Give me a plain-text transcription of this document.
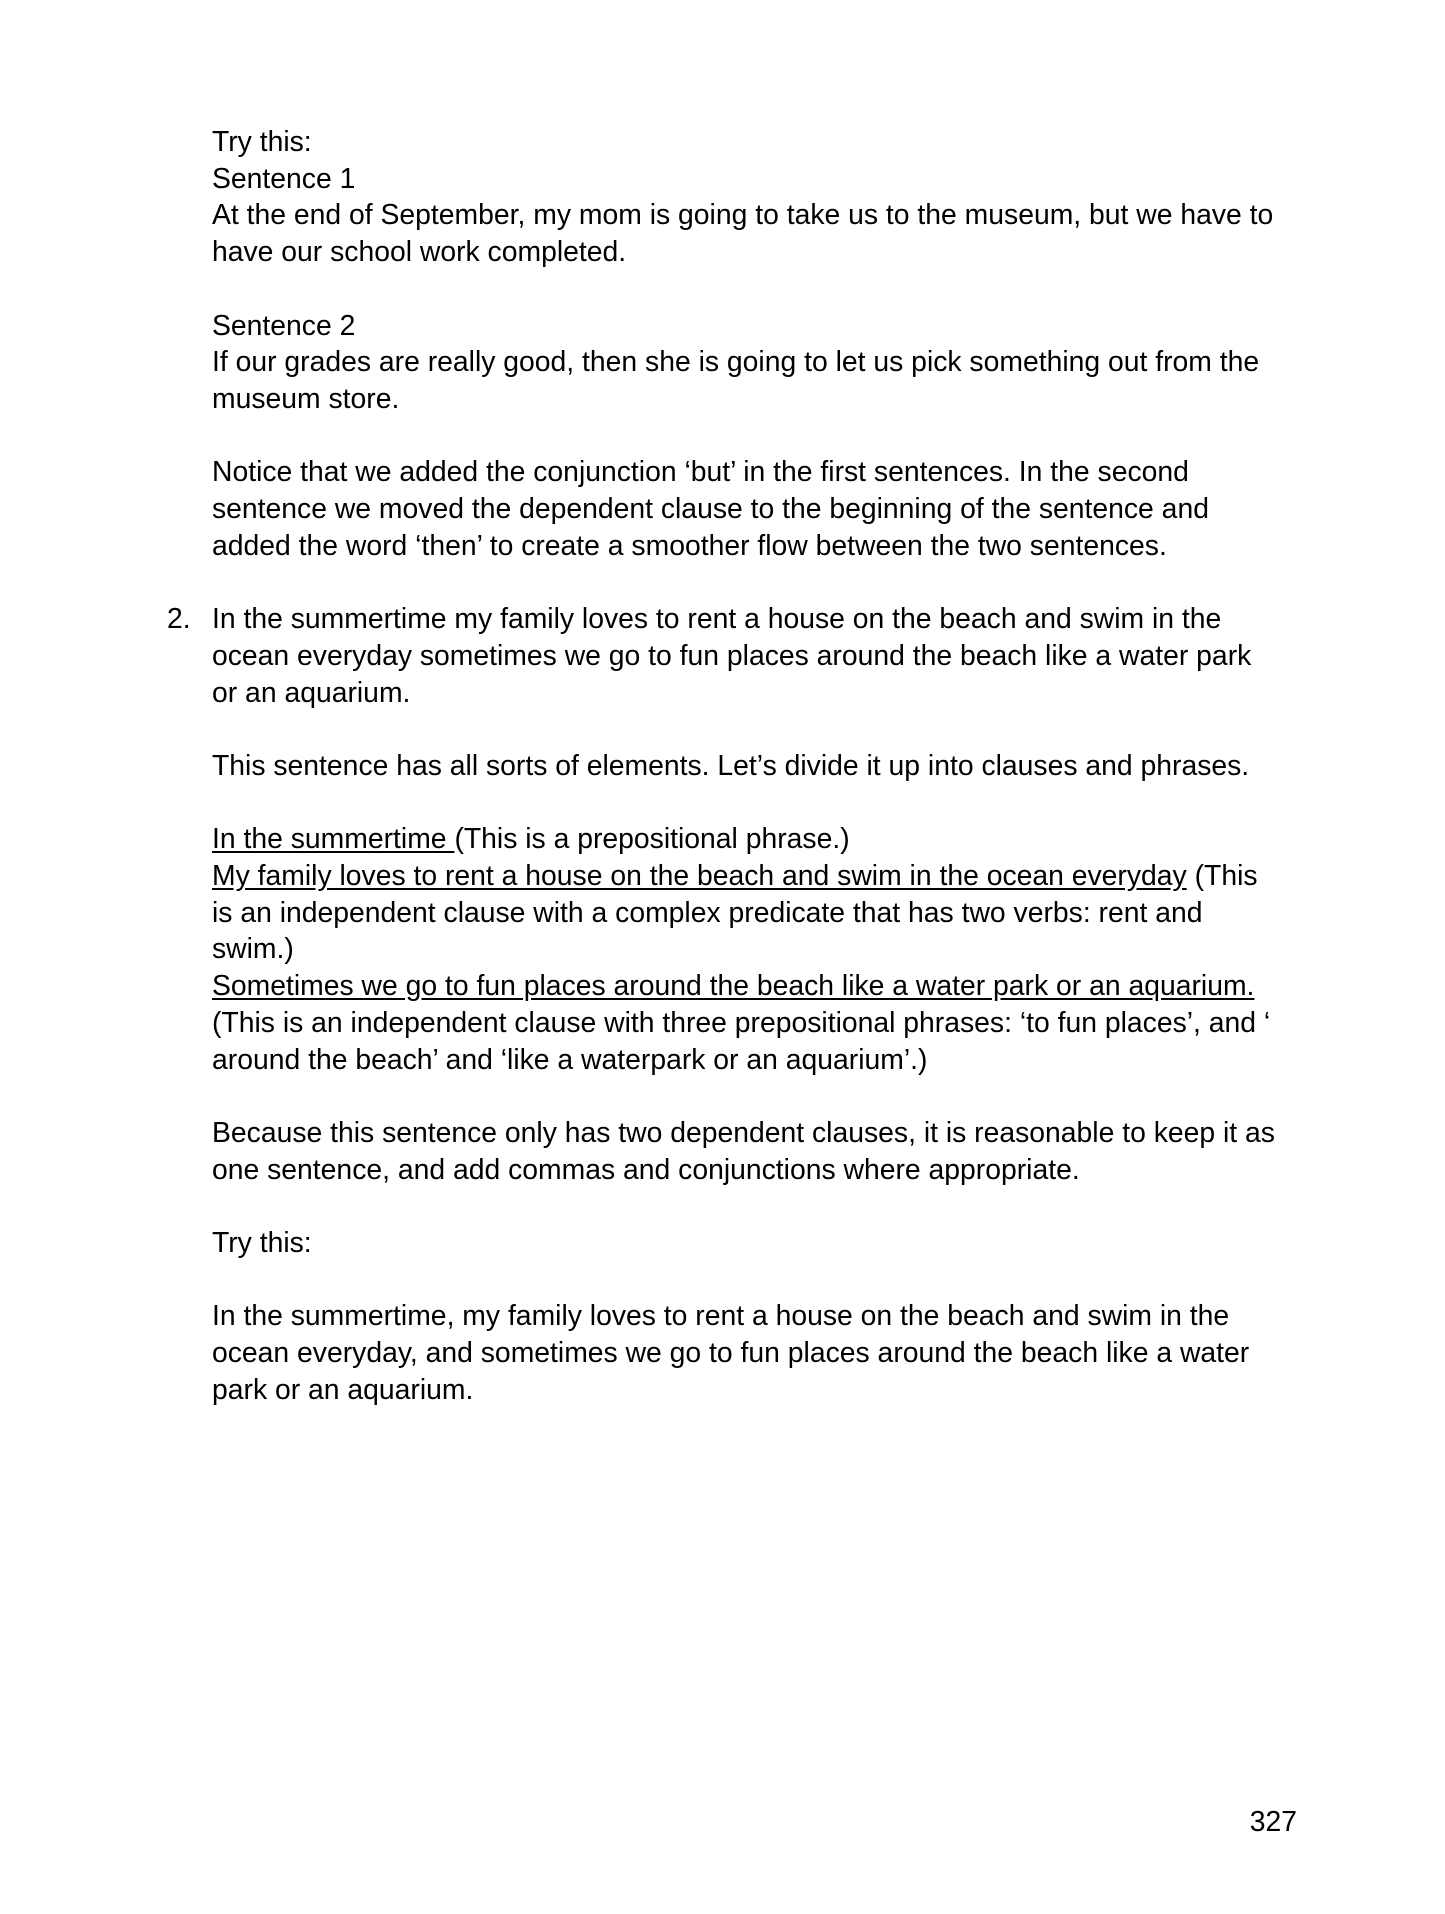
Try this:

Sentence 1

At the end of September, my mom is going to take us to the museum, but we have to have our school work completed.

Sentence 2

If our grades are really good, then she is going to let us pick something out from the museum store.

Notice that we added the conjunction ‘but’ in the first sentences. In the second sentence we moved the dependent clause to the beginning of the sentence and added the word ‘then’ to create a smoother flow between the two sentences.

2. In the summertime my family loves to rent a house on the beach and swim in the ocean everyday sometimes we go to fun places around the beach like a water park or an aquarium.

This sentence has all sorts of elements. Let’s divide it up into clauses and phrases.

In the summertime (This is a prepositional phrase.)

My family loves to rent a house on the beach and swim in the ocean everyday (This is an independent clause with a complex predicate that has two verbs: rent and swim.)

Sometimes we go to fun places around the beach like a water park or an aquarium. (This is an independent clause with three prepositional phrases: ‘to fun places’, and ‘ around the beach’ and ‘like a waterpark or an aquarium’.)

Because this sentence only has two dependent clauses, it is reasonable to keep it as one sentence, and add commas and conjunctions where appropriate.

Try this:

In the summertime, my family loves to rent a house on the beach and swim in the ocean everyday, and sometimes we go to fun places around the beach like a water park or an aquarium.

327
